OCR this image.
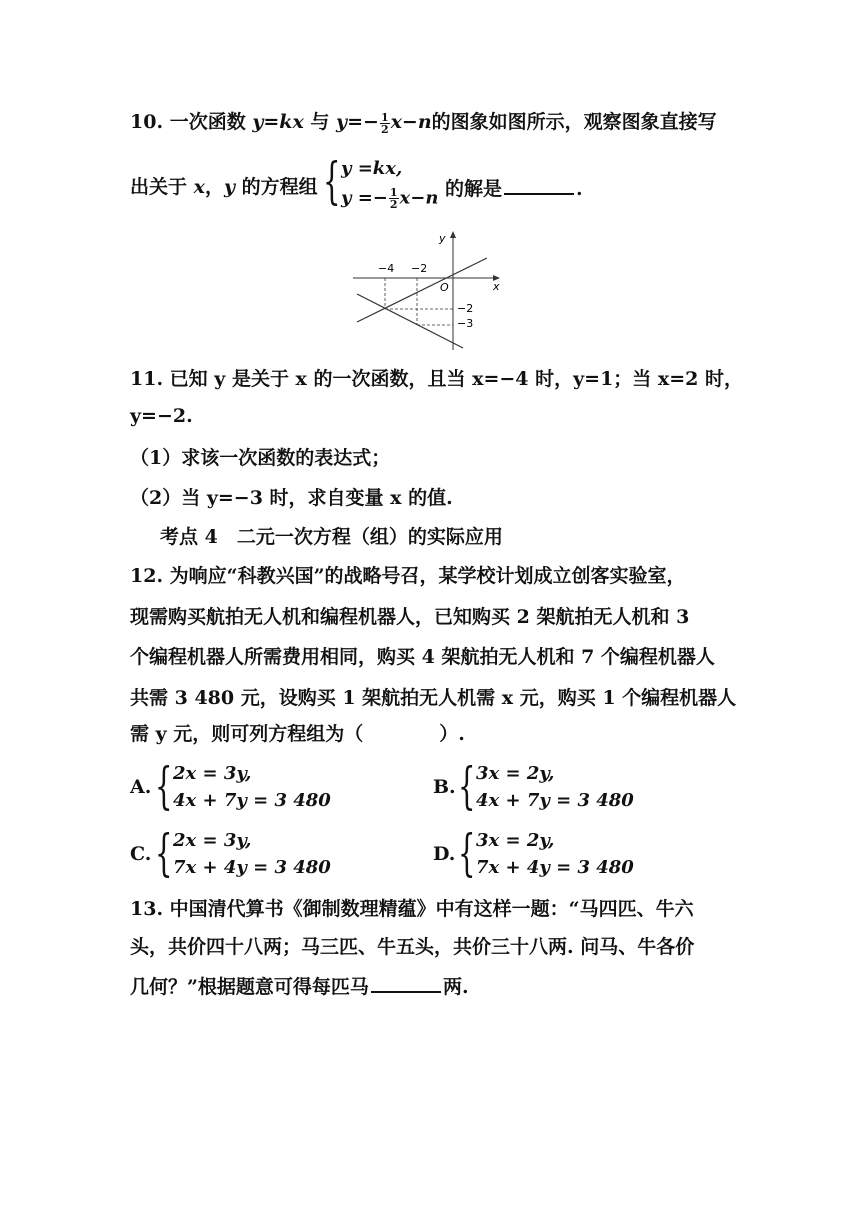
10. 一次函数 y=kx 与 $y=- \frac{1}{2} x-n$的图象如图所示，观察图象直接写
出关于 x，y 的方程组 { y =kx,
$y =- \frac{1}{2} x-n$ 的解是	.
y
x
O
−4 −2
−2
−3
11. 已知 y 是关于 x 的一次函数，且当 x=−4 时，y=1；当 x=2 时，
y=−2.
（1）求该一次函数的表达式；
（2）当 y=−3 时，求自变量 x 的值.
考点 4　二元一次方程（组）的实际应用
12. 为响应“科教兴国”的战略号召，某学校计划成立创客实验室，
现需购买航拍无人机和编程机器人，已知购买 2 架航拍无人机和 3
个编程机器人所需费用相同，购买 4 架航拍无人机和 7 个编程机器人
共需 3 480 元，设购买 1 架航拍无人机需 x 元，购买 1 个编程机器人
需 y 元，则可列方程组为（　　　　）.
A. { 2x = 3y,
4x + 7y = 3 480
B. { 3x = 2y,
4x + 7y = 3 480
C. { 2x = 3y,
7x + 4y = 3 480
D. { 3x = 2y,
7x + 4y = 3 480
13. 中国清代算书《御制数理精蕴》中有这样一题：“马四匹、牛六
头，共价四十八两；马三匹、牛五头，共价三十八两. 问马、牛各价
几何？”根据题意可得每匹马	两.
